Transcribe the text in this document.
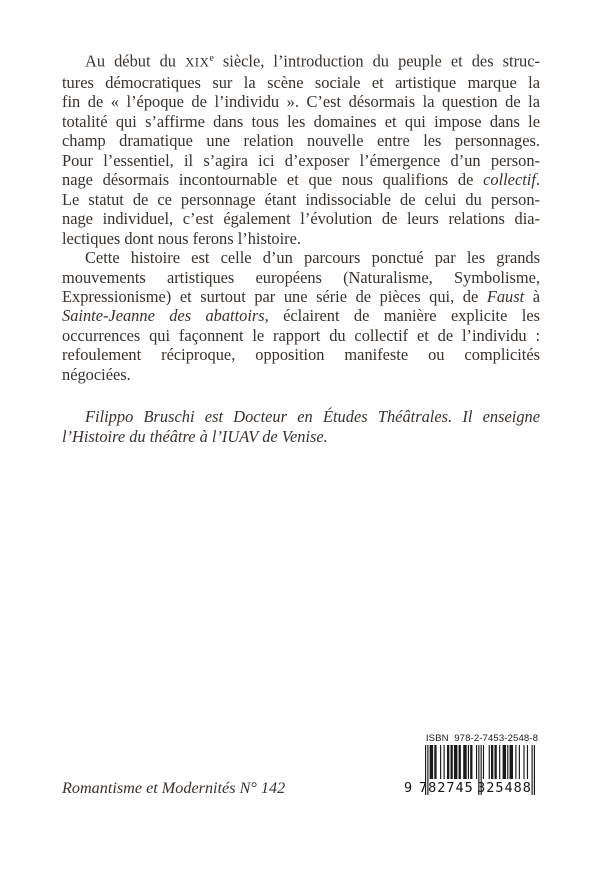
Au début du XIXe siècle, l’introduction du peuple et des struc-
tures démocratiques sur la scène sociale et artistique marque la
fin de « l’époque de l’individu ». C’est désormais la question de la
totalité qui s’affirme dans tous les domaines et qui impose dans le
champ dramatique une relation nouvelle entre les personnages.
Pour l’essentiel, il s’agira ici d’exposer l’émergence d’un person-
nage désormais incontournable et que nous qualifions de collectif.
Le statut de ce personnage étant indissociable de celui du person-
nage individuel, c’est également l’évolution de leurs relations dia-
lectiques dont nous ferons l’histoire.
Cette histoire est celle d’un parcours ponctué par les grands
mouvements artistiques européens (Naturalisme, Symbolisme,
Expressionisme) et surtout par une série de pièces qui, de Faust à
Sainte-Jeanne des abattoirs, éclairent de manière explicite les
occurrences qui façonnent le rapport du collectif et de l’individu :
refoulement réciproque, opposition manifeste ou complicités
négociées.
Filippo Bruschi est Docteur en Études Théâtrales. Il enseigne
l’Histoire du théâtre à l’IUAV de Venise.
Romantisme et Modernités N° 142
ISBN  978-2-7453-2548-8
9 782745 325488
